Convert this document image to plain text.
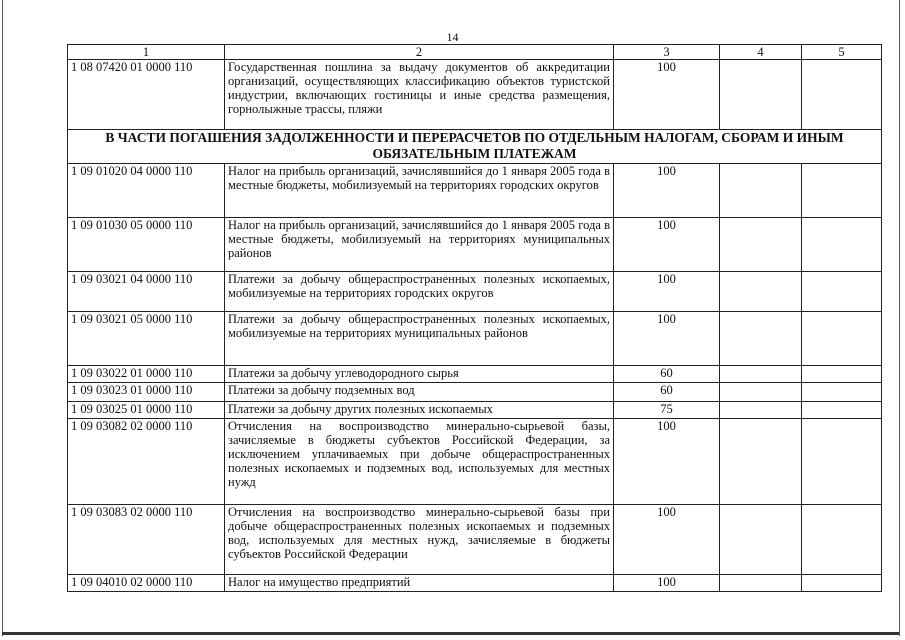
14
1	2	3	4	5
1 08 07420 01 0000 110	Государственная пошлина за выдачу документов об аккредитации организаций, осуществляющих классификацию объектов туристской индустрии, включающих гостиницы и иные средства размещения, горнолыжные трассы, пляжи	100		
В ЧАСТИ ПОГАШЕНИЯ ЗАДОЛЖЕННОСТИ И ПЕРЕРАСЧЕТОВ ПО ОТДЕЛЬНЫМ НАЛОГАМ, СБОРАМ И ИНЫМ ОБЯЗАТЕЛЬНЫМ ПЛАТЕЖАМ				
1 09 01020 04 0000 110	Налог на прибыль организаций, зачислявшийся до 1 января 2005 года в местные бюджеты, мобилизуемый на территориях городских округов	100		
1 09 01030 05 0000 110	Налог на прибыль организаций, зачислявшийся до 1 января 2005 года в местные бюджеты, мобилизуемый на территориях муниципальных районов	100		
1 09 03021 04 0000 110	Платежи за добычу общераспространенных полезных ископаемых, мобилизуемые на территориях городских округов	100		
1 09 03021 05 0000 110	Платежи за добычу общераспространенных полезных ископаемых, мобилизуемые на территориях муниципальных районов	100		
1 09 03022 01 0000 110	Платежи за добычу углеводородного сырья	60		
1 09 03023 01 0000 110	Платежи за добычу подземных вод	60		
1 09 03025 01 0000 110	Платежи за добычу других полезных ископаемых	75		
1 09 03082 02 0000 110	Отчисления на воспроизводство минерально-сырьевой базы, зачисляемые в бюджеты субъектов Российской Федерации, за исключением уплачиваемых при добыче общераспространенных полезных ископаемых и подземных вод, используемых для местных нужд	100		
1 09 03083 02 0000 110	Отчисления на воспроизводство минерально-сырьевой базы при добыче общераспространенных полезных ископаемых и подземных вод, используемых для местных нужд, зачисляемые в бюджеты субъектов Российской Федерации	100		
1 09 04010 02 0000 110	Налог на имущество предприятий	100		
